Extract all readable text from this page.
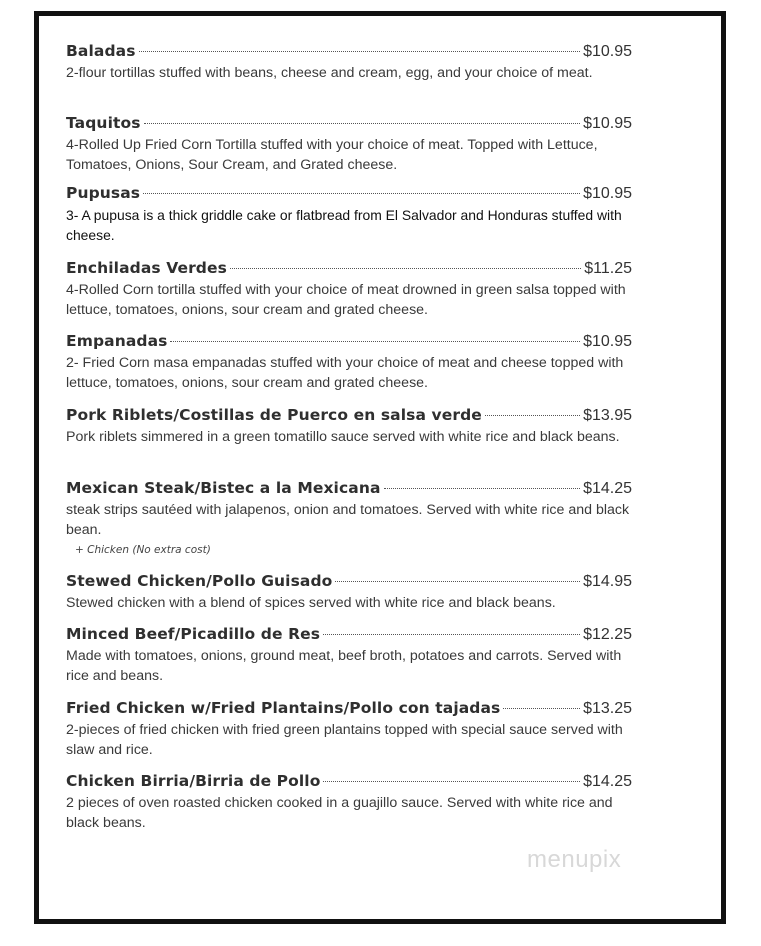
Baladas	$10.95
2-flour tortillas stuffed with beans, cheese and cream, egg, and your choice of meat.
Taquitos	$10.95
4-Rolled Up Fried Corn Tortilla stuffed with your choice of meat. Topped with Lettuce, Tomatoes, Onions, Sour Cream, and Grated cheese.
Pupusas	$10.95
3- A pupusa is a thick griddle cake or flatbread from El Salvador and Honduras stuffed with cheese.
Enchiladas Verdes	$11.25
4-Rolled Corn tortilla stuffed with your choice of meat drowned in green salsa topped with lettuce, tomatoes, onions, sour cream and grated cheese.
Empanadas	$10.95
2- Fried Corn masa empanadas stuffed with your choice of meat and cheese topped with lettuce, tomatoes, onions, sour cream and grated cheese.
Pork Riblets/Costillas de Puerco en salsa verde	$13.95
Pork riblets simmered in a green tomatillo sauce served with white rice and black beans.
Mexican Steak/Bistec a la Mexicana	$14.25
steak strips sautéed with jalapenos, onion and tomatoes. Served with white rice and black bean.
+ Chicken (No extra cost)
Stewed Chicken/Pollo Guisado	$14.95
Stewed chicken with a blend of spices served with white rice and black beans.
Minced Beef/Picadillo de Res	$12.25
Made with tomatoes, onions, ground meat, beef broth, potatoes and carrots. Served with rice and beans.
Fried Chicken w/Fried Plantains/Pollo con tajadas	$13.25
2-pieces of fried chicken with fried green plantains topped with special sauce served with slaw and rice.
Chicken Birria/Birria de Pollo	$14.25
2 pieces of oven roasted chicken cooked in a guajillo sauce. Served with white rice and black beans.
menupix
